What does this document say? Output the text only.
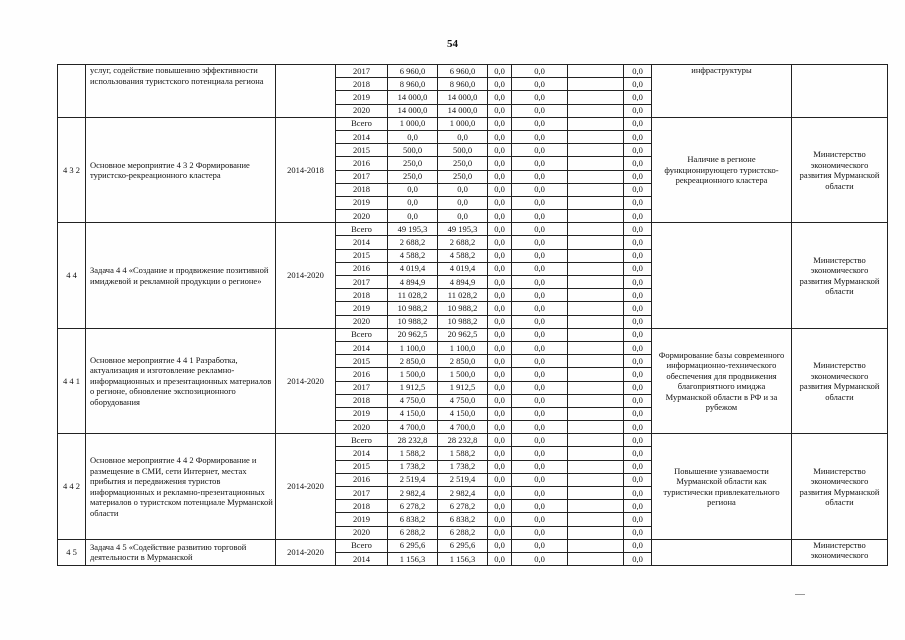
54
	услуг, содействие повышению эффективности использования туристского потенциала региона		2017	6 960,0	6 960,0	0,0	0,0		0,0	инфраструктуры	
			2018	8 960,0	8 960,0	0,0	0,0		0,0		
			2019	14 000,0	14 000,0	0,0	0,0		0,0		
			2020	14 000,0	14 000,0	0,0	0,0		0,0		
4 3 2	Основное мероприятие 4 3 2 Формирование туристско-рекреационного кластера	2014-2018	Всего	1 000,0	1 000,0	0,0	0,0		0,0	Наличие в регионе функционирующего туристско-рекреационного кластера	Министерство экономического развития Мурманской области
			2014	0,0	0,0	0,0	0,0		0,0		
			2015	500,0	500,0	0,0	0,0		0,0		
			2016	250,0	250,0	0,0	0,0		0,0		
			2017	250,0	250,0	0,0	0,0		0,0		
			2018	0,0	0,0	0,0	0,0		0,0		
			2019	0,0	0,0	0,0	0,0		0,0		
			2020	0,0	0,0	0,0	0,0		0,0		
4 4	Задача 4 4 «Создание и продвижение позитивной имиджевой и рекламной продукции о регионе»	2014-2020	Всего	49 195,3	49 195,3	0,0	0,0		0,0		Министерство экономического развития Мурманской области
			2014	2 688,2	2 688,2	0,0	0,0		0,0		
			2015	4 588,2	4 588,2	0,0	0,0		0,0		
			2016	4 019,4	4 019,4	0,0	0,0		0,0		
			2017	4 894,9	4 894,9	0,0	0,0		0,0		
			2018	11 028,2	11 028,2	0,0	0,0		0,0		
			2019	10 988,2	10 988,2	0,0	0,0		0,0		
			2020	10 988,2	10 988,2	0,0	0,0		0,0		
4 4 1	Основное мероприятие 4 4 1 Разработка, актуализация и изготовление рекламно-информационных и презентационных материалов о регионе, обновление экспозиционного оборудования	2014-2020	Всего	20 962,5	20 962,5	0,0	0,0		0,0	Формирование базы современного информационно-технического обеспечения для продвижения благоприятного имиджа Мурманской области в РФ и за рубежом	Министерство экономического развития Мурманской области
			2014	1 100,0	1 100,0	0,0	0,0		0,0		
			2015	2 850,0	2 850,0	0,0	0,0		0,0		
			2016	1 500,0	1 500,0	0,0	0,0		0,0		
			2017	1 912,5	1 912,5	0,0	0,0		0,0		
			2018	4 750,0	4 750,0	0,0	0,0		0,0		
			2019	4 150,0	4 150,0	0,0	0,0		0,0		
			2020	4 700,0	4 700,0	0,0	0,0		0,0		
4 4 2	Основное мероприятие 4 4 2 Формирование и размещение в СМИ, сети Интернет, местах прибытия и передвижения туристов информационных и рекламно-презентационных материалов о туристском потенциале Мурманской области	2014-2020	Всего	28 232,8	28 232,8	0,0	0,0		0,0	Повышение узнаваемости Мурманской области как туристически привлекательного региона	Министерство экономического развития Мурманской области
			2014	1 588,2	1 588,2	0,0	0,0		0,0		
			2015	1 738,2	1 738,2	0,0	0,0		0,0		
			2016	2 519,4	2 519,4	0,0	0,0		0,0		
			2017	2 982,4	2 982,4	0,0	0,0		0,0		
			2018	6 278,2	6 278,2	0,0	0,0		0,0		
			2019	6 838,2	6 838,2	0,0	0,0		0,0		
			2020	6 288,2	6 288,2	0,0	0,0		0,0		
4 5	Задача 4 5 «Содействие развитию торговой деятельности в Мурманской	2014-2020	Всего	6 295,6	6 295,6	0,0	0,0		0,0		Министерство экономического
			2014	1 156,3	1 156,3	0,0	0,0		0,0		
